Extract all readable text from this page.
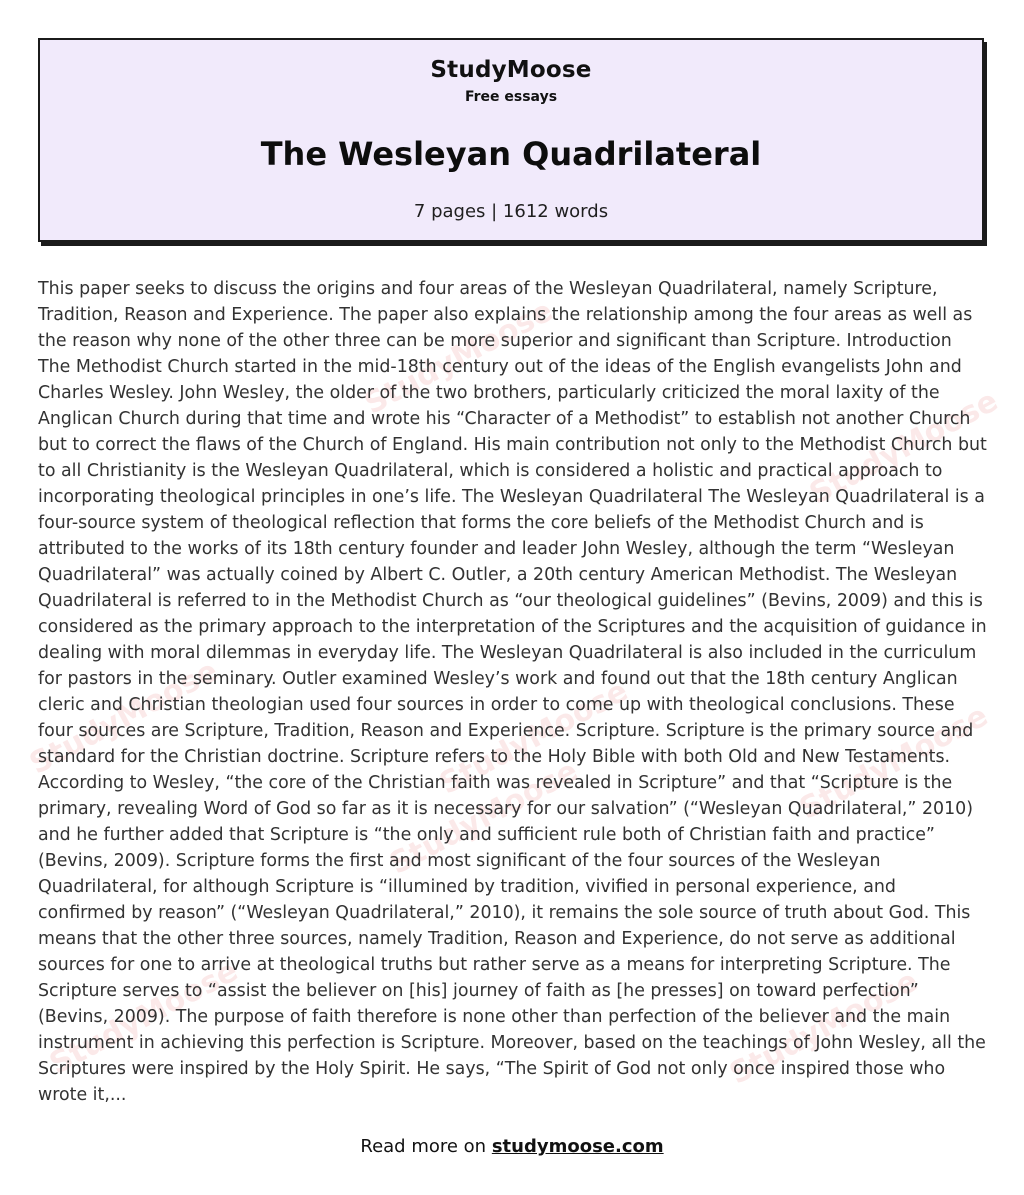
StudyMoose
Free essays
The Wesleyan Quadrilateral
7 pages | 1612 words
StudyMoose
StudyMoose
StudyMoose	StudyMoose	StudyMoose
StudyMoose
StudyMoose	StudyMoose

This paper seeks to discuss the origins and four areas of the Wesleyan Quadrilateral, namely Scripture, Tradition, Reason and Experience. The paper also explains the relationship among the four areas as well as the reason why none of the other three can be more superior and significant than Scripture. Introduction The Methodist Church started in the mid-18th century out of the ideas of the English evangelists John and Charles Wesley. John Wesley, the older of the two brothers, particularly criticized the moral laxity of the Anglican Church during that time and wrote his “Character of a Methodist” to establish not another Church but to correct the flaws of the Church of England. His main contribution not only to the Methodist Church but to all Christianity is the Wesleyan Quadrilateral, which is considered a holistic and practical approach to incorporating theological principles in one’s life. The Wesleyan Quadrilateral The Wesleyan Quadrilateral is a four-source system of theological reflection that forms the core beliefs of the Methodist Church and is attributed to the works of its 18th century founder and leader John Wesley, although the term “Wesleyan Quadrilateral” was actually coined by Albert C. Outler, a 20th century American Methodist. The Wesleyan Quadrilateral is referred to in the Methodist Church as “our theological guidelines” (Bevins, 2009) and this is considered as the primary approach to the interpretation of the Scriptures and the acquisition of guidance in dealing with moral dilemmas in everyday life. The Wesleyan Quadrilateral is also included in the curriculum for pastors in the seminary. Outler examined Wesley’s work and found out that the 18th century Anglican cleric and Christian theologian used four sources in order to come up with theological conclusions. These four sources are Scripture, Tradition, Reason and Experience. Scripture. Scripture is the primary source and standard for the Christian doctrine. Scripture refers to the Holy Bible with both Old and New Testaments. According to Wesley, “the core of the Christian faith was revealed in Scripture” and that “Scripture is the primary, revealing Word of God so far as it is necessary for our salvation” (“Wesleyan Quadrilateral,” 2010) and he further added that Scripture is “the only and sufficient rule both of Christian faith and practice” (Bevins, 2009). Scripture forms the first and most significant of the four sources of the Wesleyan Quadrilateral, for although Scripture is “illumined by tradition, vivified in personal experience, and confirmed by reason” (“Wesleyan Quadrilateral,” 2010), it remains the sole source of truth about God. This means that the other three sources, namely Tradition, Reason and Experience, do not serve as additional sources for one to arrive at theological truths but rather serve as a means for interpreting Scripture. The Scripture serves to “assist the believer on [his] journey of faith as [he presses] on toward perfection” (Bevins, 2009). The purpose of faith therefore is none other than perfection of the believer and the main instrument in achieving this perfection is Scripture. Moreover, based on the teachings of John Wesley, all the Scriptures were inspired by the Holy Spirit. He says, “The Spirit of God not only once inspired those who wrote it,...

Read more on studymoose.com
